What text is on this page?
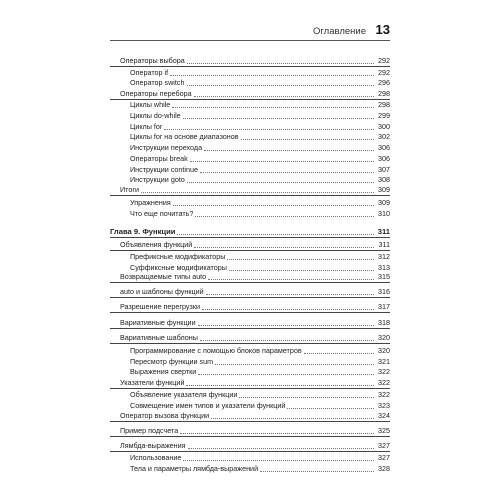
Оглавление 13
Операторы выбора	292
Оператор if	292
Оператор switch	296
Операторы перебора	298
Циклы while	298
Циклы do-while	299
Циклы for	300
Циклы for на основе диапазонов	302
Инструкции перехода	306
Операторы break	306
Инструкции continue	307
Инструкции goto	308
Итоги	309
Упражнения	309
Что еще почитать?	310
Глава 9. Функции	311
Объявления функций	311
Префиксные модификаторы	312
Суффиксные модификаторы	313
Возвращаемые типы auto	315
auto и шаблоны функций	316
Разрешение перегрузки	317
Вариативные функции	318
Вариативные шаблоны	320
Программирование с помощью блоков параметров	320
Пересмотр функции sum	321
Выражения свертки	322
Указатели функций	322
Объявление указателя функции	322
Совмещение имен типов и указатели функций	323
Оператор вызова функции	324
Пример подсчета	325
Лямбда-выражения	327
Использование	327
Тела и параметры лямбда-выражений	328
